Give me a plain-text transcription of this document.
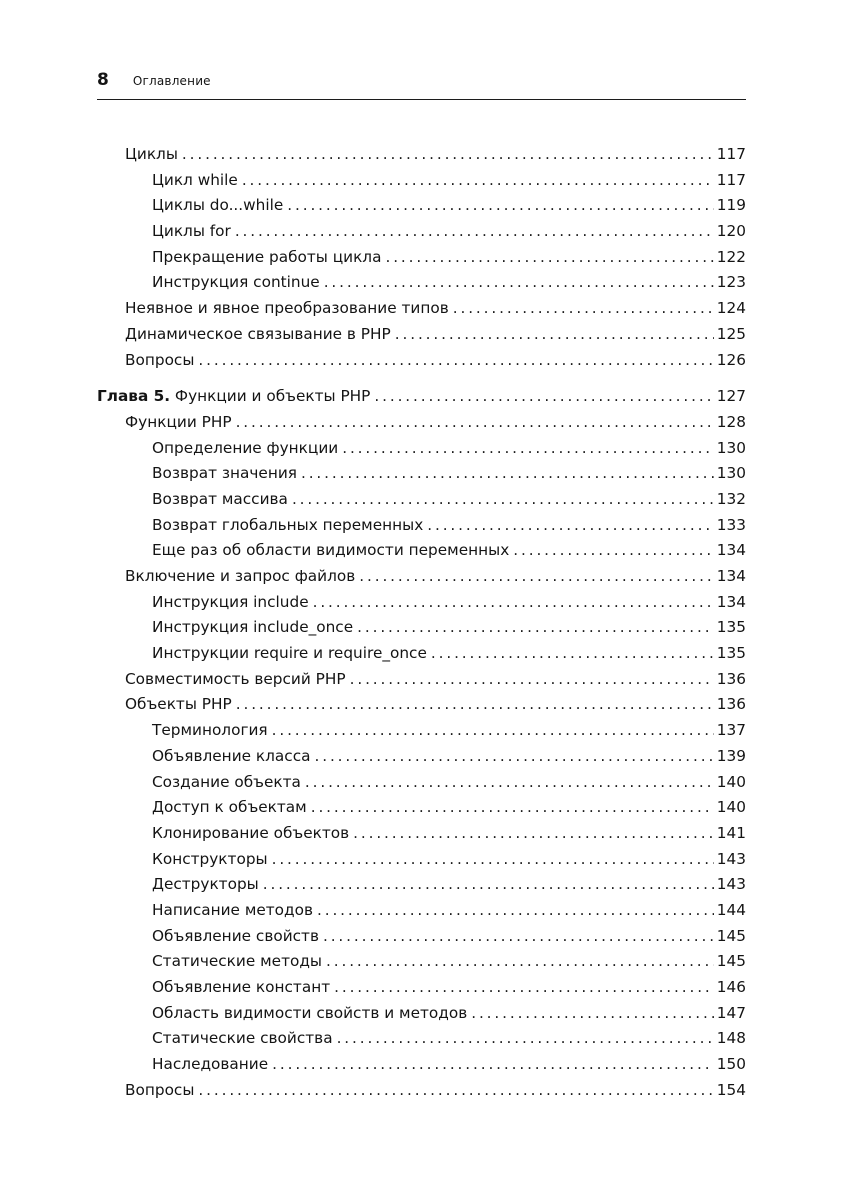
8 Оглавление
Циклы . . .	117
Цикл while . . .	117
Циклы do...while . . .	119
Циклы for . . .	120
Прекращение работы цикла . . .	122
Инструкция continue . . .	123
Неявное и явное преобразование типов . . .	124
Динамическое связывание в PHP . . .	125
Вопросы . . .	126
Глава 5. Функции и объекты PHP . . .	127
Функции PHP . . .	128
Определение функции . . .	130
Возврат значения . . .	130
Возврат массива . . .	132
Возврат глобальных переменных . . .	133
Еще раз об области видимости переменных . . .	134
Включение и запрос файлов . . .	134
Инструкция include . . .	134
Инструкция include_once . . .	135
Инструкции require и require_once . . .	135
Совместимость версий PHP . . .	136
Объекты PHP . . .	136
Терминология . . .	137
Объявление класса . . .	139
Создание объекта . . .	140
Доступ к объектам . . .	140
Клонирование объектов . . .	141
Конструкторы . . .	143
Деструкторы . . .	143
Написание методов . . .	144
Объявление свойств . . .	145
Статические методы . . .	145
Объявление констант . . .	146
Область видимости свойств и методов . . .	147
Статические свойства . . .	148
Наследование . . .	150
Вопросы . . .	154
